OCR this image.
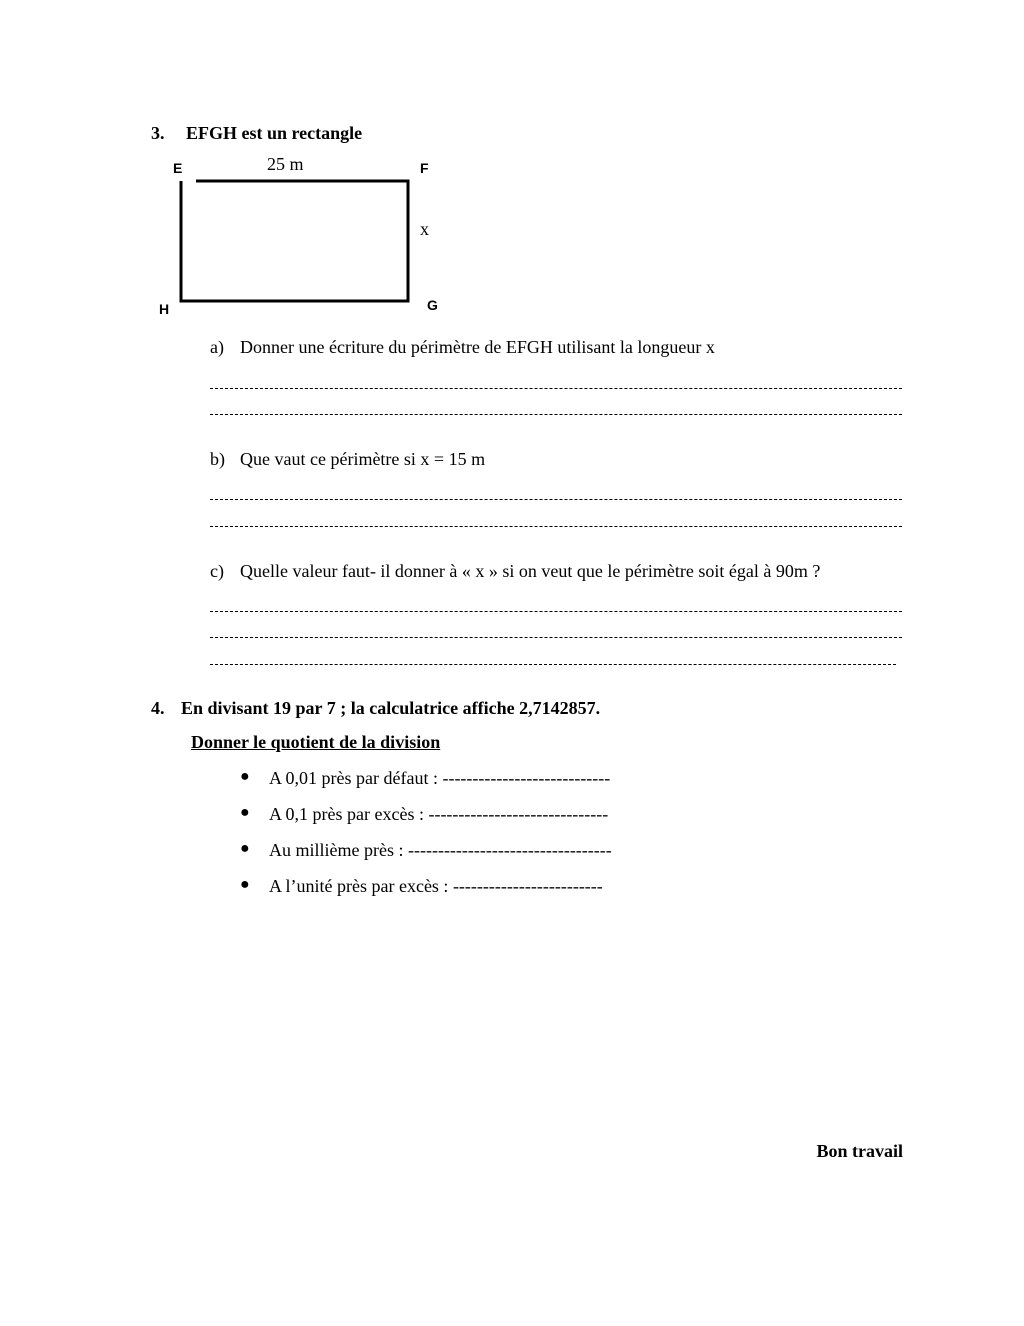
3. EFGH est un rectangle
E	25 m	F
x
G
H
a) Donner une écriture du périmètre de EFGH utilisant la longueur x
b) Que vaut ce périmètre si x = 15 m
c) Quelle valeur faut- il donner à « x » si on veut que le périmètre soit égal à 90m ?
4. En divisant 19 par 7 ; la calculatrice affiche 2,7142857.
Donner le quotient de la division
● A 0,01 près par défaut : ----------------------------
● A 0,1 près par excès : ------------------------------
● Au millième près : ----------------------------------
● A l’unité près par excès : -------------------------
Bon travail
